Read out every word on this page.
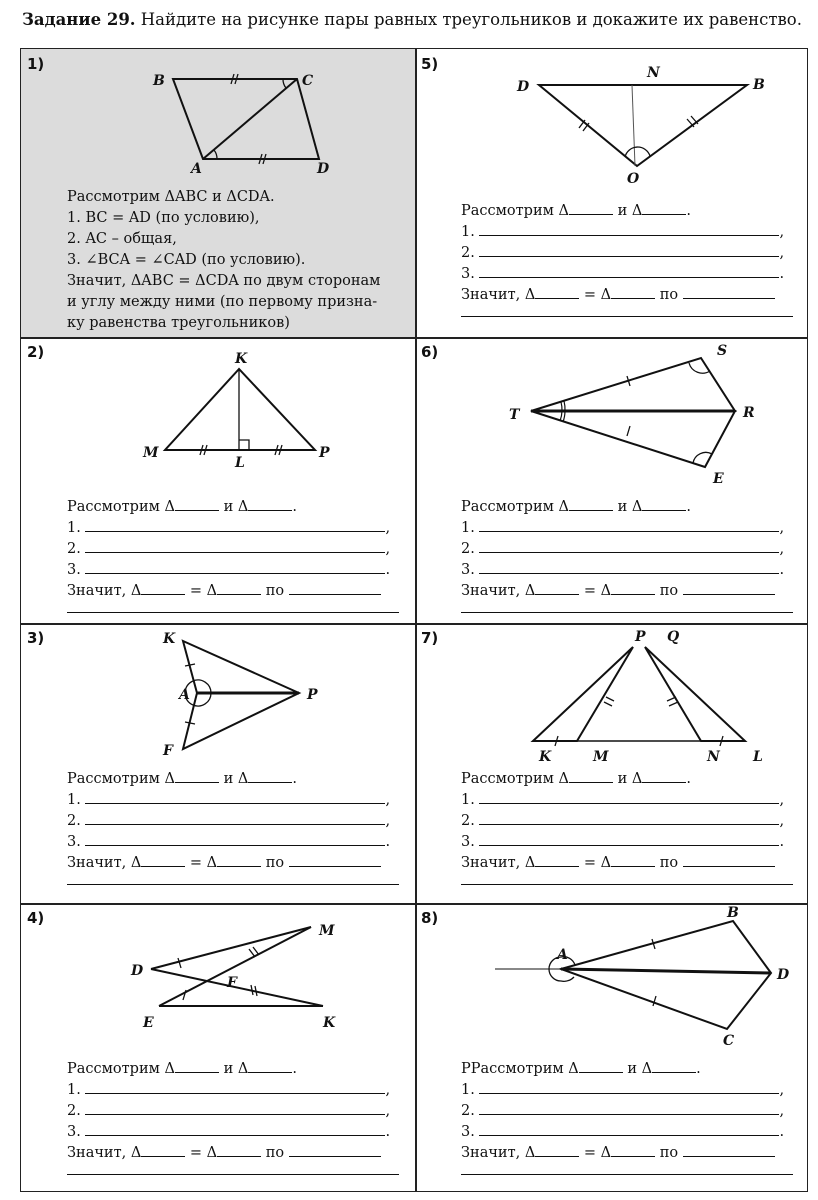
Задание 29. Найдите на рисунке пары равных треугольников и докажите их равенство.
1)
B	C
A	D
Рассмотрим ΔABC и ΔCDA.
1. BC = AD (по условию),
2. AC – общая,
3. ∠BCA = ∠CAD (по условию).
Значит, ΔABC = ΔCDA по двум сторонам
и углу между ними (по первому призна-
ку равенства треугольников)
5)	N
D	B
O
Рассмотрим Δ	и Δ	.
1.	,
2.	,
3.	.
Значит, Δ	= Δ	по
2)	K
M
L
P
Рассмотрим Δ	и Δ	.
1.	,
2.	,
3.	.
Значит, Δ	= Δ	по
6)	S
T	R
E
Рассмотрим Δ	и Δ	.
1.	,
2.	,
3.	.
Значит, Δ	= Δ	по
3)	K
A	P
F
Рассмотрим Δ	и Δ	.
1.	,
2.	,
3.	.
Значит, Δ	= Δ	по
7)	P Q
K	M	N L
Рассмотрим Δ	и Δ	.
1.	,
2.	,
3.	.
Значит, Δ	= Δ	по
4)
M
D
F
E	K
Рассмотрим Δ	и Δ	.
1.	,
2.	,
3.	.
Значит, Δ	= Δ	по
8)	B
A
D
C
РРассмотрим Δ	и Δ	.
1.	,
2.	,
3.	.
Значит, Δ	= Δ	по
